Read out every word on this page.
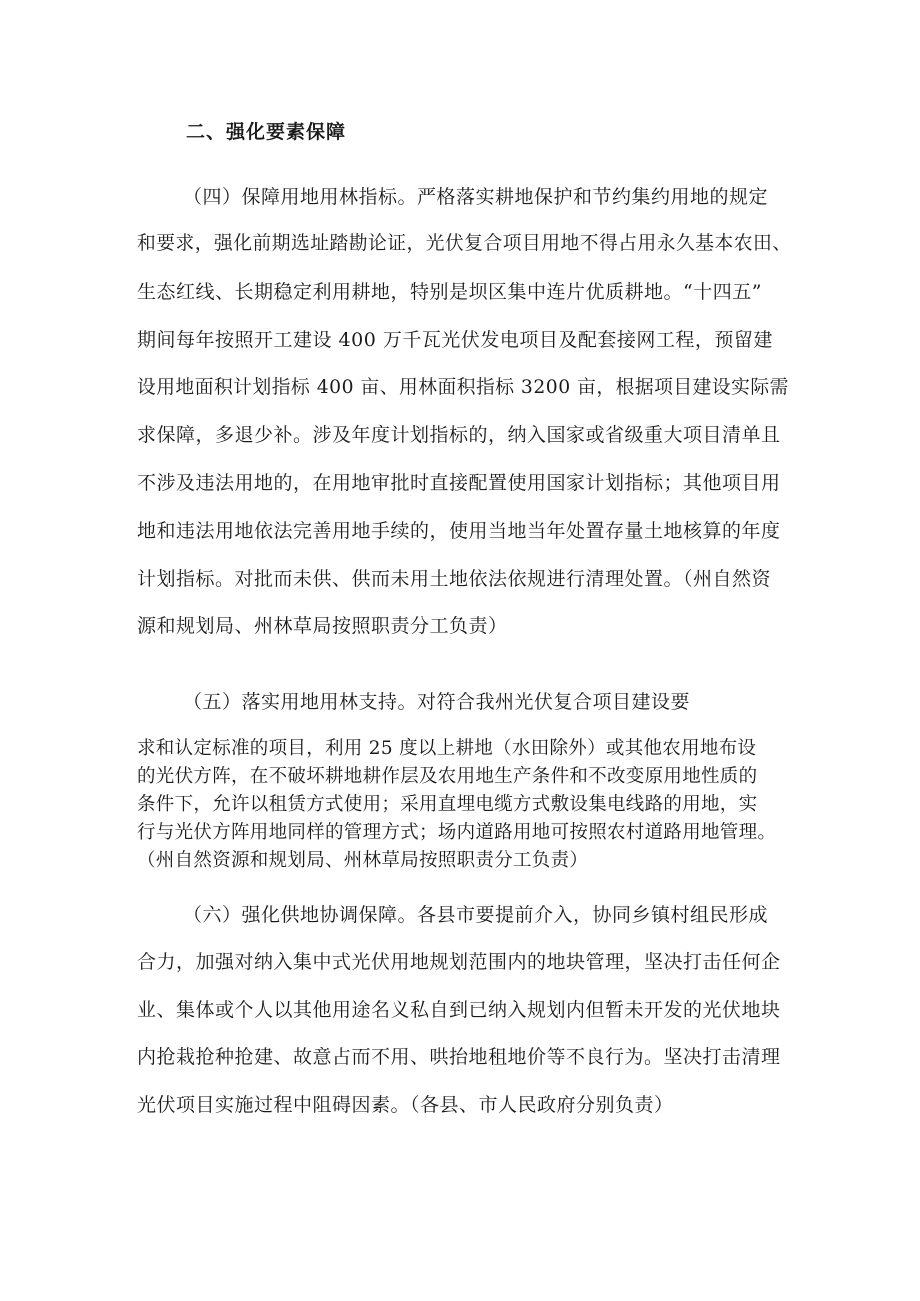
二、强化要素保障
（四）保障用地用林指标。严格落实耕地保护和节约集约用地的规定
和要求，强化前期选址踏勘论证，光伏复合项目用地不得占用永久基本农田、
生态红线、长期稳定利用耕地，特别是坝区集中连片优质耕地。“十四五”
期间每年按照开工建设 400 万千瓦光伏发电项目及配套接网工程，预留建
设用地面积计划指标 400 亩、用林面积指标 3200 亩，根据项目建设实际需
求保障，多退少补。涉及年度计划指标的，纳入国家或省级重大项目清单且
不涉及违法用地的，在用地审批时直接配置使用国家计划指标；其他项目用
地和违法用地依法完善用地手续的，使用当地当年处置存量土地核算的年度
计划指标。对批而未供、供而未用土地依法依规进行清理处置。（州自然资
源和规划局、州林草局按照职责分工负责）
（五）落实用地用林支持。对符合我州光伏复合项目建设要
求和认定标准的项目，利用 25 度以上耕地（水田除外）或其他农用地布设
的光伏方阵，在不破坏耕地耕作层及农用地生产条件和不改变原用地性质的
条件下，允许以租赁方式使用；采用直埋电缆方式敷设集电线路的用地，实
行与光伏方阵用地同样的管理方式；场内道路用地可按照农村道路用地管理。
（州自然资源和规划局、州林草局按照职责分工负责）
（六）强化供地协调保障。各县市要提前介入，协同乡镇村组民形成
合力，加强对纳入集中式光伏用地规划范围内的地块管理，坚决打击任何企
业、集体或个人以其他用途名义私自到已纳入规划内但暂未开发的光伏地块
内抢栽抢种抢建、故意占而不用、哄抬地租地价等不良行为。坚决打击清理
光伏项目实施过程中阻碍因素。（各县、市人民政府分别负责）
